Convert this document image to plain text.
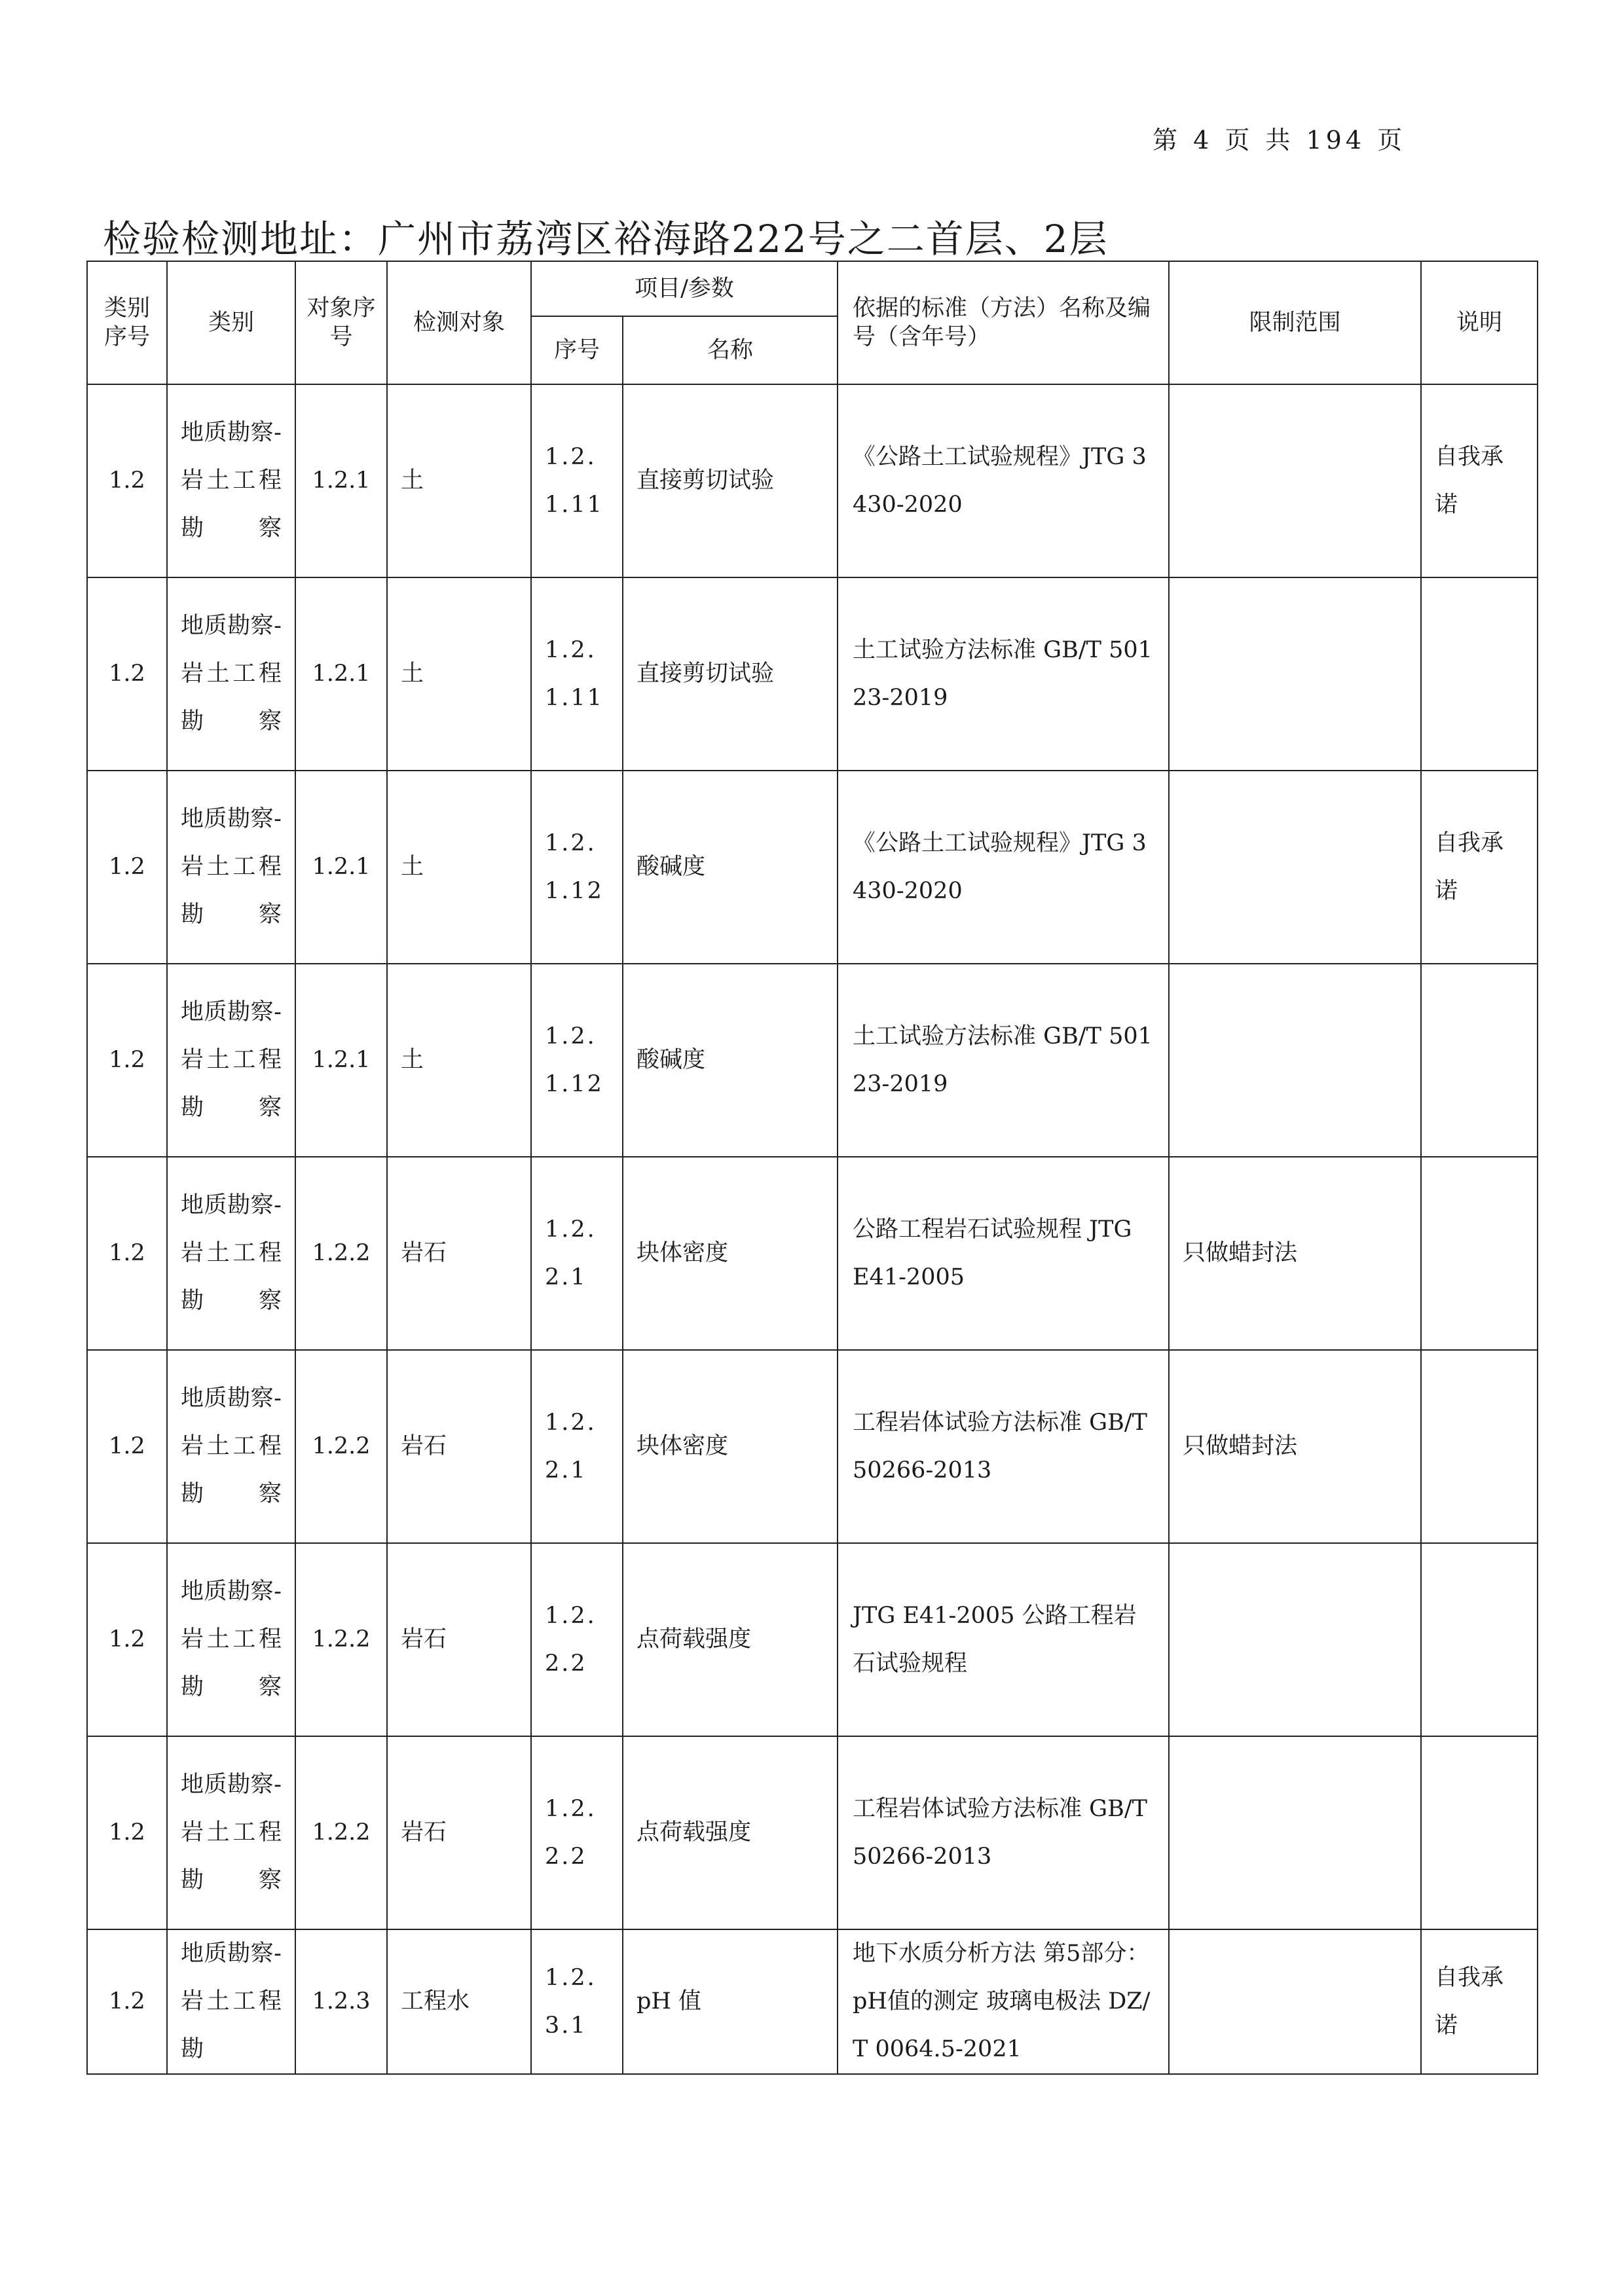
第 4 页 共 194 页
检验检测地址：广州市荔湾区裕海路222号之二首层、2层
类别序号	类别	对象序号	检测对象	项目/参数		依据的标准（方法）名称及编号（含年号）	限制范围	说明
				序号	名称			
1.2	地质勘察-岩土工程勘察	1.2.1	土	1.2.1.11	直接剪切试验	《公路土工试验规程》JTG 3430-2020		自我承诺
1.2	地质勘察-岩土工程勘察	1.2.1	土	1.2.1.11	直接剪切试验	土工试验方法标准 GB/T 50123-2019		
1.2	地质勘察-岩土工程勘察	1.2.1	土	1.2.1.12	酸碱度	《公路土工试验规程》JTG 3430-2020		自我承诺
1.2	地质勘察-岩土工程勘察	1.2.1	土	1.2.1.12	酸碱度	土工试验方法标准 GB/T 50123-2019		
1.2	地质勘察-岩土工程勘察	1.2.2	岩石	1.2.2.1	块体密度	公路工程岩石试验规程 JTG E41-2005	只做蜡封法	
1.2	地质勘察-岩土工程勘察	1.2.2	岩石	1.2.2.1	块体密度	工程岩体试验方法标准 GB/T50266-2013	只做蜡封法	
1.2	地质勘察-岩土工程勘察	1.2.2	岩石	1.2.2.2	点荷载强度	JTG E41-2005 公路工程岩石试验规程		
1.2	地质勘察-岩土工程勘察	1.2.2	岩石	1.2.2.2	点荷载强度	工程岩体试验方法标准 GB/T 50266-2013		
1.2	地质勘察-岩土工程勘	1.2.3	工程水	1.2.3.1	pH 值	地下水质分析方法 第5部分：pH值的测定 玻璃电极法 DZ/T 0064.5-2021		自我承诺
